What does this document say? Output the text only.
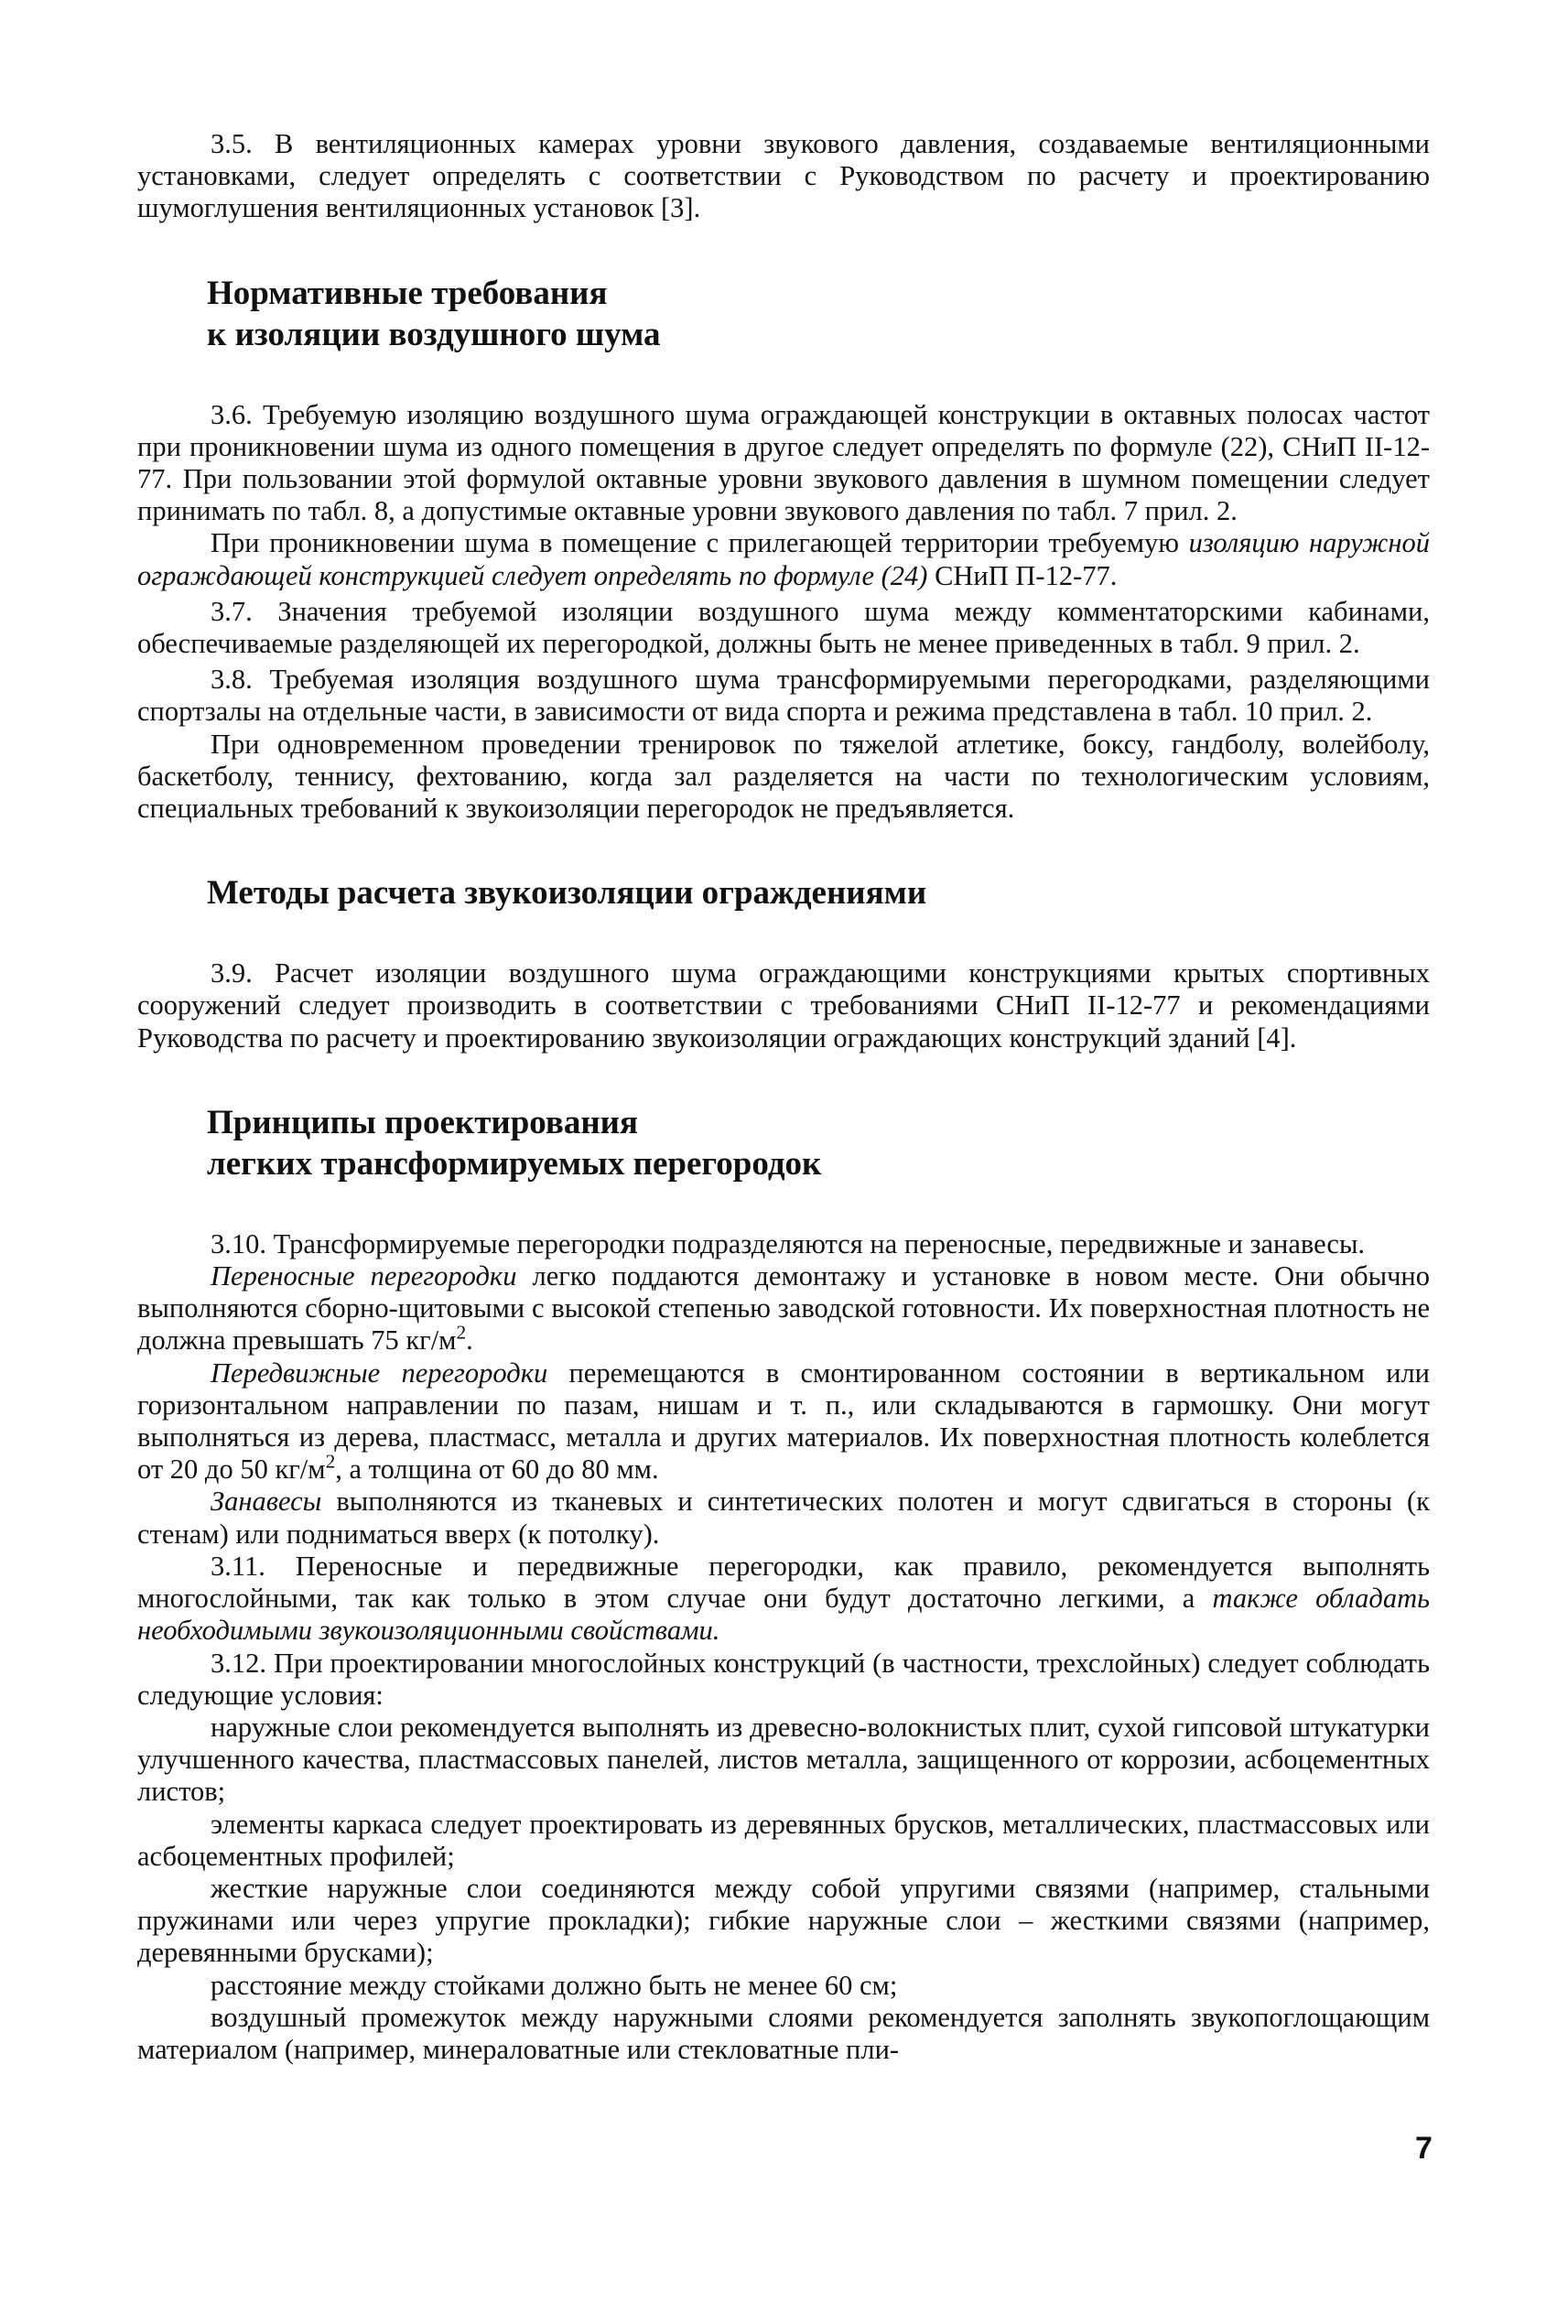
3.5. В вентиляционных камерах уровни звукового давления, создаваемые вентиляционными установками, следует определять с соответствии с Руководством по расчету и проектированию шумоглушения вентиляционных установок [3].

Нормативные требования
к изоляции воздушного шума

3.6. Требуемую изоляцию воздушного шума ограждающей конструкции в октавных полосах частот при проникновении шума из одного помещения в другое следует определять по формуле (22), СНиП II-12-77. При пользовании этой формулой октавные уровни звукового давления в шумном помещении следует принимать по табл. 8, а допустимые октавные уровни звукового давления по табл. 7 прил. 2.

При проникновении шума в помещение с прилегающей территории требуемую изоляцию наружной ограждающей конструкцией следует определять по формуле (24) СНиП П-12-77.

3.7. Значения требуемой изоляции воздушного шума между комментаторскими кабинами, обеспечиваемые разделяющей их перегородкой, должны быть не менее приведенных в табл. 9 прил. 2.

3.8. Требуемая изоляция воздушного шума трансформируемыми перегородками, разделяющими спортзалы на отдельные части, в зависимости от вида спорта и режима представлена в табл. 10 прил. 2.

При одновременном проведении тренировок по тяжелой атлетике, боксу, гандболу, волейболу, баскетболу, теннису, фехтованию, когда зал разделяется на части по технологическим условиям, специальных требований к звукоизоляции перегородок не предъявляется.

Методы расчета звукоизоляции ограждениями

3.9. Расчет изоляции воздушного шума ограждающими конструкциями крытых спортивных сооружений следует производить в соответствии с требованиями СНиП II-12-77 и рекомендациями Руководства по расчету и проектированию звукоизоляции ограждающих конструкций зданий [4].

Принципы проектирования
легких трансформируемых перегородок

3.10. Трансформируемые перегородки подразделяются на переносные, передвижные и занавесы.

Переносные перегородки легко поддаются демонтажу и установке в новом месте. Они обычно выполняются сборно-щитовыми с высокой степенью заводской готовности. Их поверхностная плотность не должна превышать 75 $кг/м^2$.

Передвижные перегородки перемещаются в смонтированном состоянии в вертикальном или горизонтальном направлении по пазам, нишам и т. п., или складываются в гармошку. Они могут выполняться из дерева, пластмасс, металла и других материалов. Их поверхностная плотность колеблется от 20 до 50 $кг/м^2$, а толщина от 60 до 80 мм.

Занавесы выполняются из тканевых и синтетических полотен и могут сдвигаться в стороны (к стенам) или подниматься вверх (к потолку).

3.11. Переносные и передвижные перегородки, как правило, рекомендуется выполнять многослойными, так как только в этом случае они будут достаточно легкими, а также обладать необходимыми звукоизоляционными свойствами.

3.12. При проектировании многослойных конструкций (в частности, трехслойных) следует соблюдать следующие условия:

наружные слои рекомендуется выполнять из древесно-волокнистых плит, сухой гипсовой штукатурки улучшенного качества, пластмассовых панелей, листов металла, защищенного от коррозии, асбоцементных листов;

элементы каркаса следует проектировать из деревянных брусков, металлических, пластмассовых или асбоцементных профилей;

жесткие наружные слои соединяются между собой упругими связями (например, стальными пружинами или через упругие прокладки); гибкие наружные слои – жесткими связями (например, деревянными брусками);

расстояние между стойками должно быть не менее 60 см;

воздушный промежуток между наружными слоями рекомендуется заполнять звукопоглощающим материалом (например, минераловатные или стекловатные пли-

7
